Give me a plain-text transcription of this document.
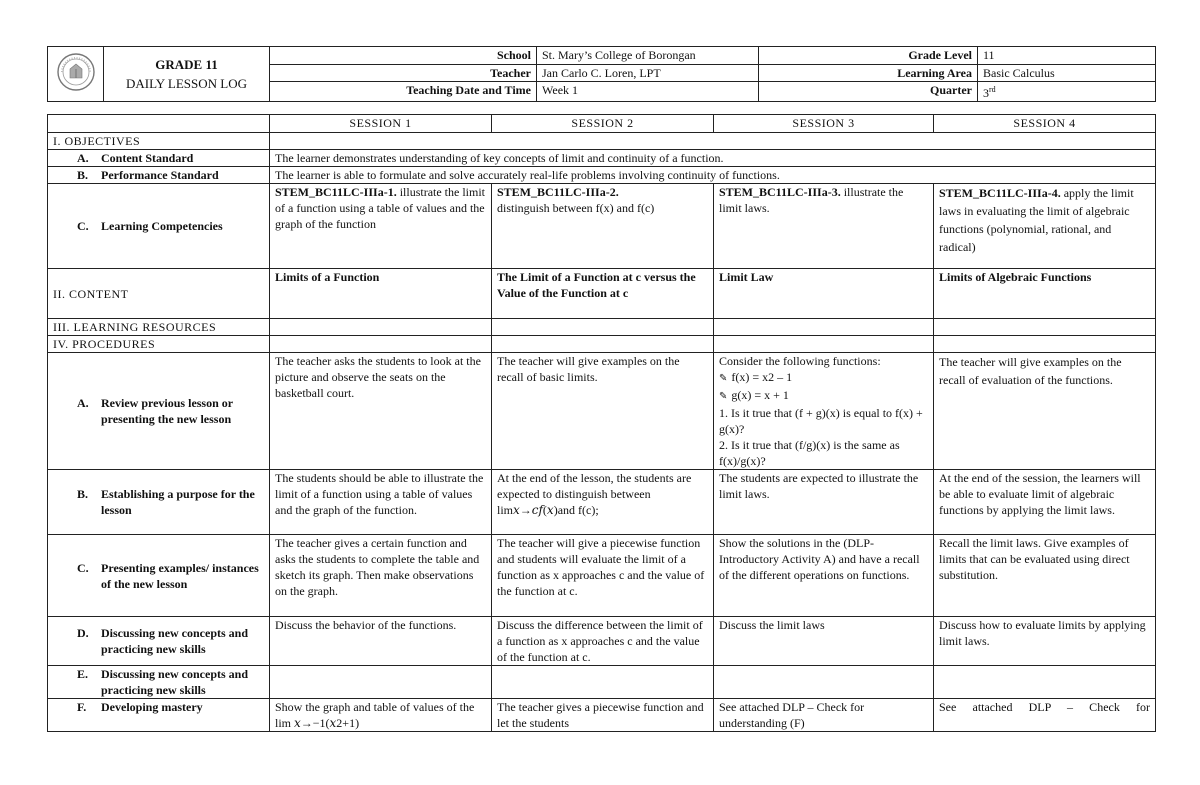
GRADE 11
DAILY LESSON LOG	School	St. Mary’s College of Borongan	Grade Level	11
		Teacher	Jan Carlo C. Loren, LPT	Learning Area	Basic Calculus
		Teaching Date and Time	Week 1	Quarter	3rd
	SESSION 1	SESSION 2	SESSION 3	SESSION 4
I. OBJECTIVES				

A. Content Standard	The learner demonstrates understanding of key concepts of limit and continuity of a function.			

B. Performance Standard	The learner is able to formulate and solve accurately real-life problems involving continuity of functions.			

C. Learning Competencies	STEM_BC11LC-IIIa-1. illustrate the limit of a function using a table of values and the graph of the function	STEM_BC11LC-IIIa-2.
distinguish between f(x) and f(c)	STEM_BC11LC-IIIa-3. illustrate the limit laws.	STEM_BC11LC-IIIa-4. apply the limit laws in evaluating the limit of algebraic functions (polynomial, rational, and radical)
II. CONTENT	Limits of a Function	The Limit of a Function at c versus the Value of the Function at c	Limit Law	Limits of Algebraic Functions
III. LEARNING RESOURCES				
IV. PROCEDURES				

A. Review previous lesson or presenting the new lesson	The teacher asks the students to look at the picture and observe the seats on the basketball court.	The teacher will give examples on the recall of basic limits.	Consider the following functions:
✎ f(x) = x2 – 1
✎ g(x) = x + 1
1. Is it true that (f + g)(x) is equal to f(x) + g(x)?
2. Is it true that (f/g)(x) is the same as f(x)/g(x)?	The teacher will give examples on the recall of evaluation of the functions.

B. Establishing a purpose for the lesson	The students should be able to illustrate the limit of a function using a table of values and the graph of the function.	At the end of the lesson, the students are expected to distinguish between lim𝑥→𝑐𝑓(𝑥)and f(c);	The students are expected to illustrate the limit laws.	At the end of the session, the learners will be able to evaluate limit of algebraic functions by applying the limit laws.

C. Presenting examples/ instances of the new lesson	The teacher gives a certain function and asks the students to complete the table and sketch its graph. Then make observations on the graph.	The teacher will give a piecewise function and students will evaluate the limit of a function as x approaches c and the value of the function at c.	Show the solutions in the (DLP-Introductory Activity A) and have a recall of the different operations on functions.	Recall the limit laws. Give examples of limits that can be evaluated using direct substitution.

D. Discussing new concepts and practicing new skills	Discuss the behavior of the functions.	Discuss the difference between the limit of a function as x approaches c and the value of the function at c.	Discuss the limit laws	Discuss how to evaluate limits by applying limit laws.

E. Discussing new concepts and practicing new skills				

F. Developing mastery	Show the graph and table of values of the lim 𝑥→−1(𝑥2+1)	The teacher gives a piecewise function and let the students	See attached DLP – Check for understanding (F)	See attached DLP – Check for
